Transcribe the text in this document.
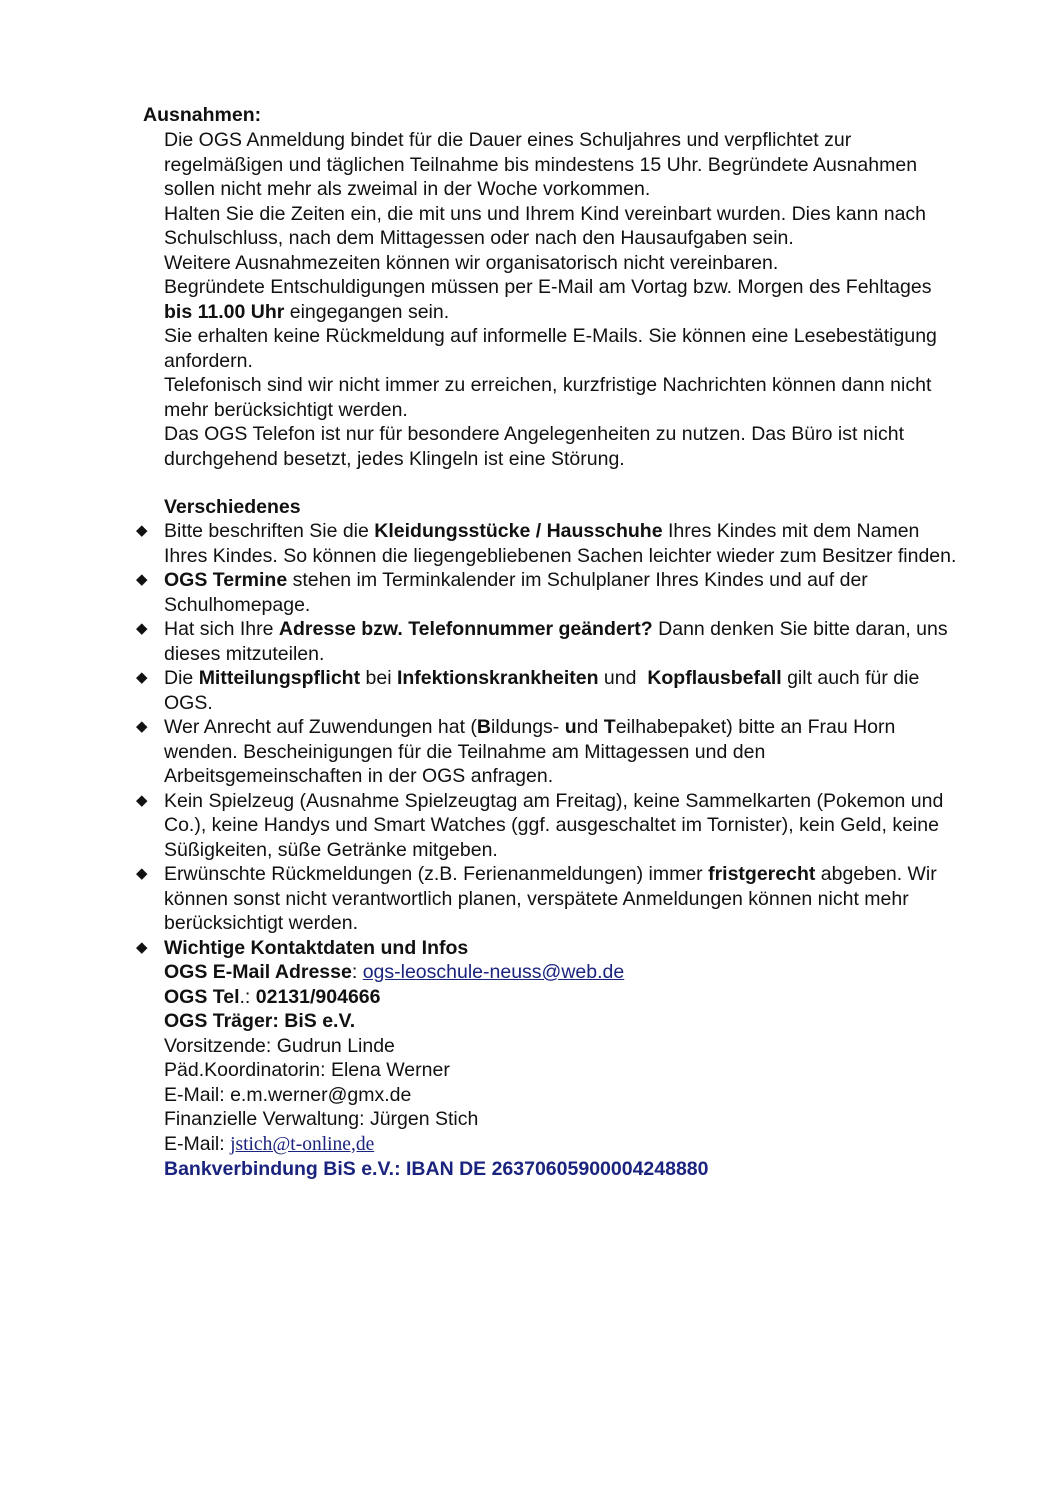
Ausnahmen:
Die OGS Anmeldung bindet für die Dauer eines Schuljahres und verpflichtet zur regelmäßigen und täglichen Teilnahme bis mindestens 15 Uhr. Begründete Ausnahmen sollen nicht mehr als zweimal in der Woche vorkommen.
Halten Sie die Zeiten ein, die mit uns und Ihrem Kind vereinbart wurden. Dies kann nach Schulschluss, nach dem Mittagessen oder nach den Hausaufgaben sein.
Weitere Ausnahmezeiten können wir organisatorisch nicht vereinbaren.
Begründete Entschuldigungen müssen per E-Mail am Vortag bzw. Morgen des Fehltages bis 11.00 Uhr eingegangen sein.
Sie erhalten keine Rückmeldung auf informelle E-Mails. Sie können eine Lesebestätigung anfordern.
Telefonisch sind wir nicht immer zu erreichen, kurzfristige Nachrichten können dann nicht mehr berücksichtigt werden.
Das OGS Telefon ist nur für besondere Angelegenheiten zu nutzen. Das Büro ist nicht durchgehend besetzt, jedes Klingeln ist eine Störung.
Verschiedenes
◆ Bitte beschriften Sie die Kleidungsstücke / Hausschuhe Ihres Kindes mit dem Namen Ihres Kindes. So können die liegengebliebenen Sachen leichter wieder zum Besitzer finden.
◆ OGS Termine stehen im Terminkalender im Schulplaner Ihres Kindes und auf der Schulhomepage.
◆ Hat sich Ihre Adresse bzw. Telefonnummer geändert? Dann denken Sie bitte daran, uns dieses mitzuteilen.
◆ Die Mitteilungspflicht bei Infektionskrankheiten und  Kopflausbefall gilt auch für die OGS.
◆ Wer Anrecht auf Zuwendungen hat (Bildungs- und Teilhabepaket) bitte an Frau Horn wenden. Bescheinigungen für die Teilnahme am Mittagessen und den Arbeitsgemeinschaften in der OGS anfragen.
◆ Kein Spielzeug (Ausnahme Spielzeugtag am Freitag), keine Sammelkarten (Pokemon und Co.), keine Handys und Smart Watches (ggf. ausgeschaltet im Tornister), kein Geld, keine Süßigkeiten, süße Getränke mitgeben.
◆ Erwünschte Rückmeldungen (z.B. Ferienanmeldungen) immer fristgerecht abgeben. Wir können sonst nicht verantwortlich planen, verspätete Anmeldungen können nicht mehr berücksichtigt werden.
◆ Wichtige Kontaktdaten und Infos
OGS E-Mail Adresse: ogs-leoschule-neuss@web.de
OGS Tel.: 02131/904666
OGS Träger: BiS e.V.
Vorsitzende: Gudrun Linde
Päd.Koordinatorin: Elena Werner
E-Mail: e.m.werner@gmx.de
Finanzielle Verwaltung: Jürgen Stich
E-Mail: jstich@t-online,de
Bankverbindung BiS e.V.: IBAN DE 26370605900004248880
